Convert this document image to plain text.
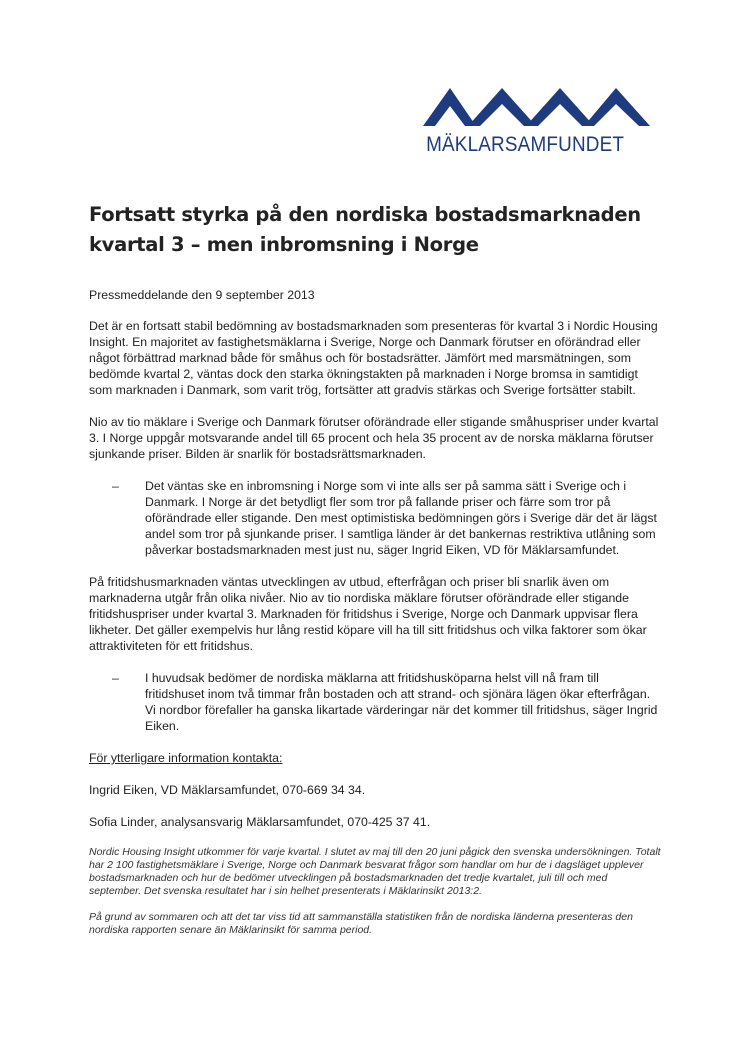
MÄKLARSAMFUNDET
Fortsatt styrka på den nordiska bostadsmarknaden kvartal 3 – men inbromsning i Norge

Pressmeddelande den 9 september 2013

Det är en fortsatt stabil bedömning av bostadsmarknaden som presenteras för kvartal 3 i Nordic Housing Insight. En majoritet av fastighetsmäklarna i Sverige, Norge och Danmark förutser en oförändrad eller något förbättrad marknad både för småhus och för bostadsrätter. Jämfört med marsmätningen, som bedömde kvartal 2, väntas dock den starka ökningstakten på marknaden i Norge bromsa in samtidigt som marknaden i Danmark, som varit trög, fortsätter att gradvis stärkas och Sverige fortsätter stabilt.

Nio av tio mäklare i Sverige och Danmark förutser oförändrade eller stigande småhuspriser under kvartal 3. I Norge uppgår motsvarande andel till 65 procent och hela 35 procent av de norska mäklarna förutser sjunkande priser. Bilden är snarlik för bostadsrättsmarknaden.

–	Det väntas ske en inbromsning i Norge som vi inte alls ser på samma sätt i Sverige och i Danmark. I Norge är det betydligt fler som tror på fallande priser och färre som tror på oförändrade eller stigande. Den mest optimistiska bedömningen görs i Sverige där det är lägst andel som tror på sjunkande priser. I samtliga länder är det bankernas restriktiva utlåning som påverkar bostadsmarknaden mest just nu, säger Ingrid Eiken, VD för Mäklarsamfundet.

På fritidshusmarknaden väntas utvecklingen av utbud, efterfrågan och priser bli snarlik även om marknaderna utgår från olika nivåer. Nio av tio nordiska mäklare förutser oförändrade eller stigande fritidshuspriser under kvartal 3. Marknaden för fritidshus i Sverige, Norge och Danmark uppvisar flera likheter. Det gäller exempelvis hur lång restid köpare vill ha till sitt fritidshus och vilka faktorer som ökar attraktiviteten för ett fritidshus.

–	I huvudsak bedömer de nordiska mäklarna att fritidshusköparna helst vill nå fram till fritidshuset inom två timmar från bostaden och att strand- och sjönära lägen ökar efterfrågan. Vi nordbor förefaller ha ganska likartade värderingar när det kommer till fritidshus, säger Ingrid Eiken.

För ytterligare information kontakta:

Ingrid Eiken, VD Mäklarsamfundet, 070-669 34 34.

Sofia Linder, analysansvarig Mäklarsamfundet, 070-425 37 41.

Nordic Housing Insight utkommer för varje kvartal. I slutet av maj till den 20 juni pågick den svenska undersökningen. Totalt har 2 100 fastighetsmäklare i Sverige, Norge och Danmark besvarat frågor som handlar om hur de i dagsläget upplever bostadsmarknaden och hur de bedömer utvecklingen på bostadsmarknaden det tredje kvartalet, juli till och med september. Det svenska resultatet har i sin helhet presenterats i Mäklarinsikt 2013:2.

På grund av sommaren och att det tar viss tid att sammanställa statistiken från de nordiska länderna presenteras den nordiska rapporten senare än Mäklarinsikt för samma period.
